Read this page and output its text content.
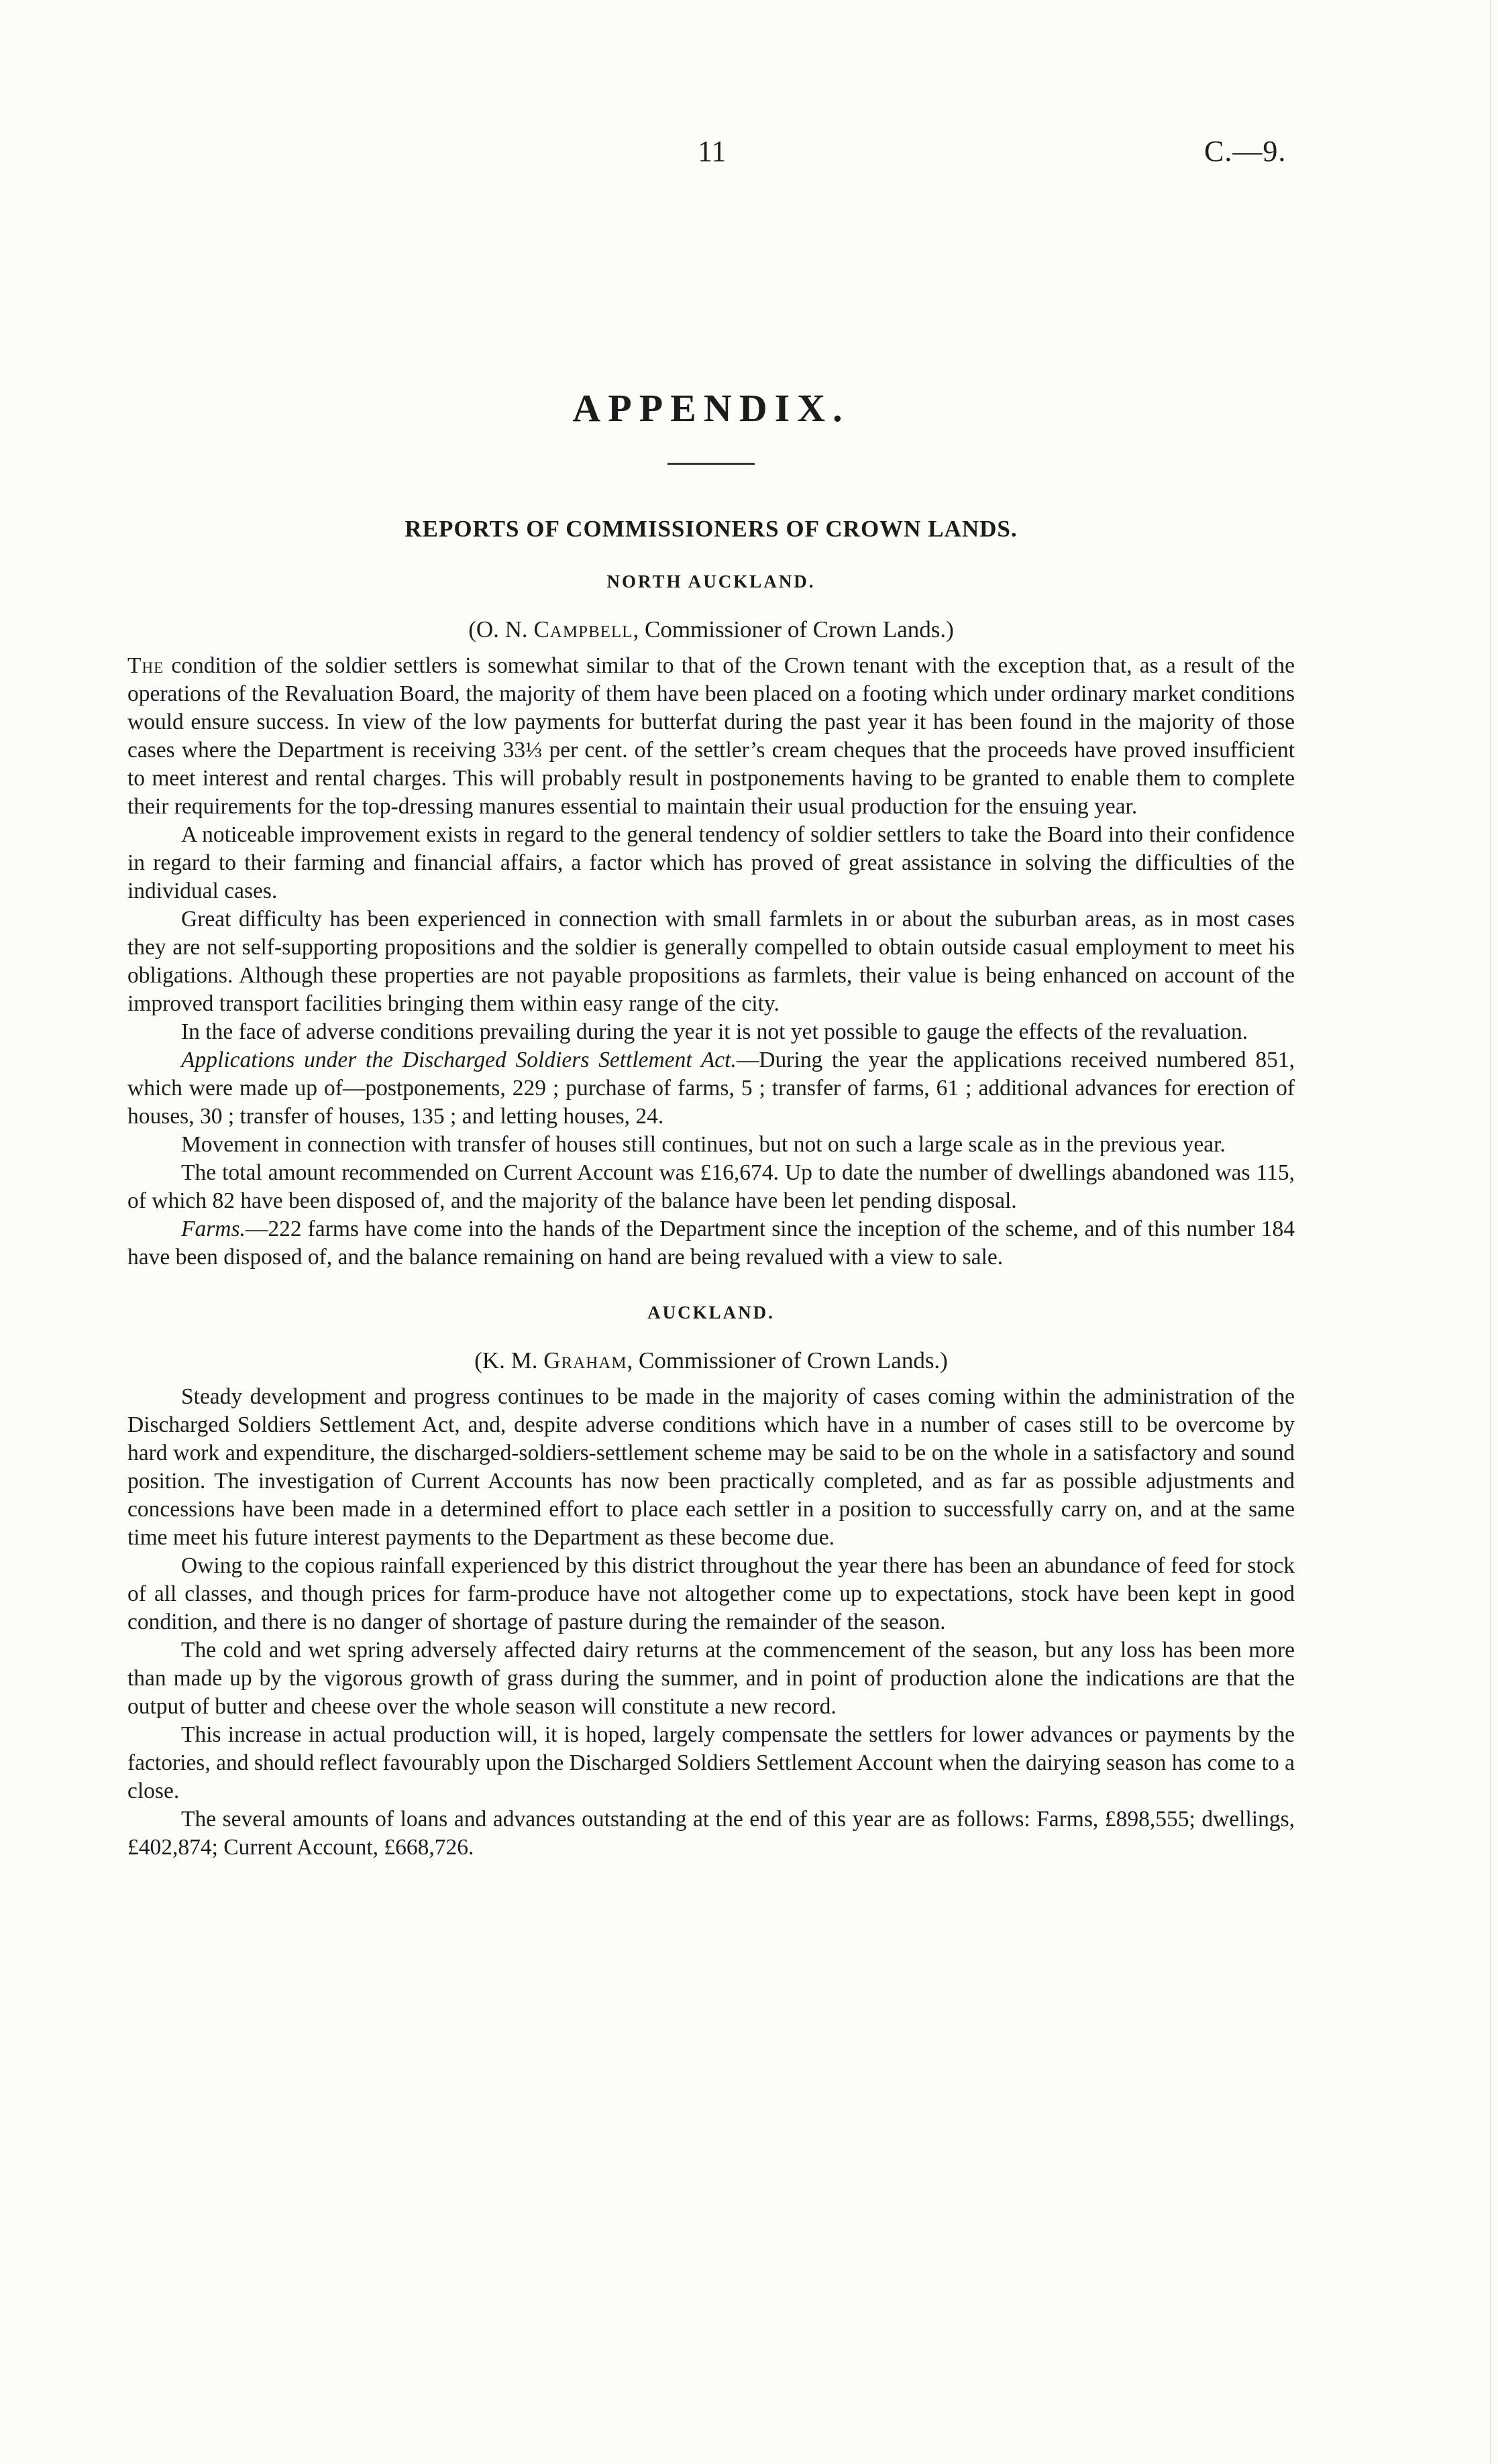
11	C.—9.
APPENDIX.
REPORTS OF COMMISSIONERS OF CROWN LANDS.
NORTH AUCKLAND.

(O. N. Campbell, Commissioner of Crown Lands.)

The condition of the soldier settlers is somewhat similar to that of the Crown tenant with the exception that, as a result of the operations of the Revaluation Board, the majority of them have been placed on a footing which under ordinary market conditions would ensure success. In view of the low payments for butterfat during the past year it has been found in the majority of those cases where the Department is receiving 33⅓ per cent. of the settler’s cream cheques that the proceeds have proved insufficient to meet interest and rental charges. This will probably result in postponements having to be granted to enable them to complete their requirements for the top-dressing manures essential to maintain their usual production for the ensuing year.

A noticeable improvement exists in regard to the general tendency of soldier settlers to take the Board into their confidence in regard to their farming and financial affairs, a factor which has proved of great assistance in solving the difficulties of the individual cases.

Great difficulty has been experienced in connection with small farmlets in or about the suburban areas, as in most cases they are not self-supporting propositions and the soldier is generally compelled to obtain outside casual employment to meet his obligations. Although these properties are not payable propositions as farmlets, their value is being enhanced on account of the improved transport facilities bringing them within easy range of the city.

In the face of adverse conditions prevailing during the year it is not yet possible to gauge the effects of the revaluation.

Applications under the Discharged Soldiers Settlement Act.—During the year the applications received numbered 851, which were made up of—postponements, 229 ; purchase of farms, 5 ; transfer of farms, 61 ; additional advances for erection of houses, 30 ; transfer of houses, 135 ; and letting houses, 24.

Movement in connection with transfer of houses still continues, but not on such a large scale as in the previous year.

The total amount recommended on Current Account was £16,674. Up to date the number of dwellings abandoned was 115, of which 82 have been disposed of, and the majority of the balance have been let pending disposal.

Farms.—222 farms have come into the hands of the Department since the inception of the scheme, and of this number 184 have been disposed of, and the balance remaining on hand are being revalued with a view to sale.

AUCKLAND.

(K. M. Graham, Commissioner of Crown Lands.)

Steady development and progress continues to be made in the majority of cases coming within the administration of the Discharged Soldiers Settlement Act, and, despite adverse conditions which have in a number of cases still to be overcome by hard work and expenditure, the discharged-soldiers-settlement scheme may be said to be on the whole in a satisfactory and sound position. The investigation of Current Accounts has now been practically completed, and as far as possible adjustments and concessions have been made in a determined effort to place each settler in a position to successfully carry on, and at the same time meet his future interest payments to the Department as these become due.

Owing to the copious rainfall experienced by this district throughout the year there has been an abundance of feed for stock of all classes, and though prices for farm-produce have not altogether come up to expectations, stock have been kept in good condition, and there is no danger of shortage of pasture during the remainder of the season.

The cold and wet spring adversely affected dairy returns at the commencement of the season, but any loss has been more than made up by the vigorous growth of grass during the summer, and in point of production alone the indications are that the output of butter and cheese over the whole season will constitute a new record.

This increase in actual production will, it is hoped, largely compensate the settlers for lower advances or payments by the factories, and should reflect favourably upon the Discharged Soldiers Settlement Account when the dairying season has come to a close.

The several amounts of loans and advances outstanding at the end of this year are as follows: Farms, £898,555; dwellings, £402,874; Current Account, £668,726.
